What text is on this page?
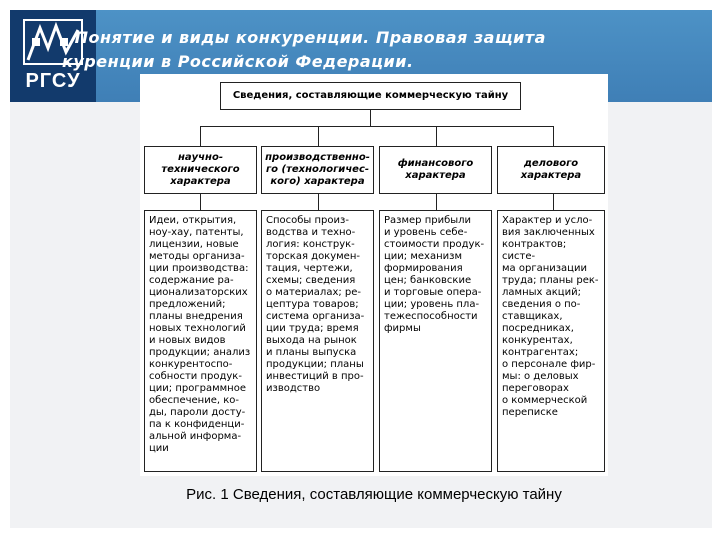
РГСУ
. Понятие и виды конкуренции. Правовая защита
куренции в Российской Федерации.
Сведения, составляющие коммерческую тайну
научно-
технического
характера
производственно-
го (технологичес-
кого) характера
финансового
характера
делового
характера
Идеи, открытия,
ноу-хау, патенты,
лицензии, новые
методы организа-
ции производства:
содержание ра-
ционализаторских
предложений;
планы внедрения
новых технологий
и новых видов
продукции; анализ
конкурентоспо-
собности продук-
ции; программное
обеспечение, ко-
ды, пароли досту-
па к конфиденци-
альной информа-
ции
Способы произ-
водства и техно-
логия: конструк-
торская докумен-
тация, чертежи,
схемы; сведения
о материалах; ре-
цептура товаров;
система организа-
ции труда; время
выхода на рынок
и планы выпуска
продукции; планы
инвестиций в про-
изводство
Размер прибыли
и уровень себе-
стоимости продук-
ции; механизм
формирования
цен; банковские
и торговые опера-
ции; уровень пла-
тежеспособности
фирмы
Характер и усло-
вия заключенных
контрактов; систе-
ма организации
труда; планы рек-
ламных акций;
сведения о по-
ставщиках,
посредниках,
конкурентах,
контрагентах;
о персонале фир-
мы: о деловых
переговорах
о коммерческой
переписке
Рис. 1 Сведения, составляющие коммерческую тайну
